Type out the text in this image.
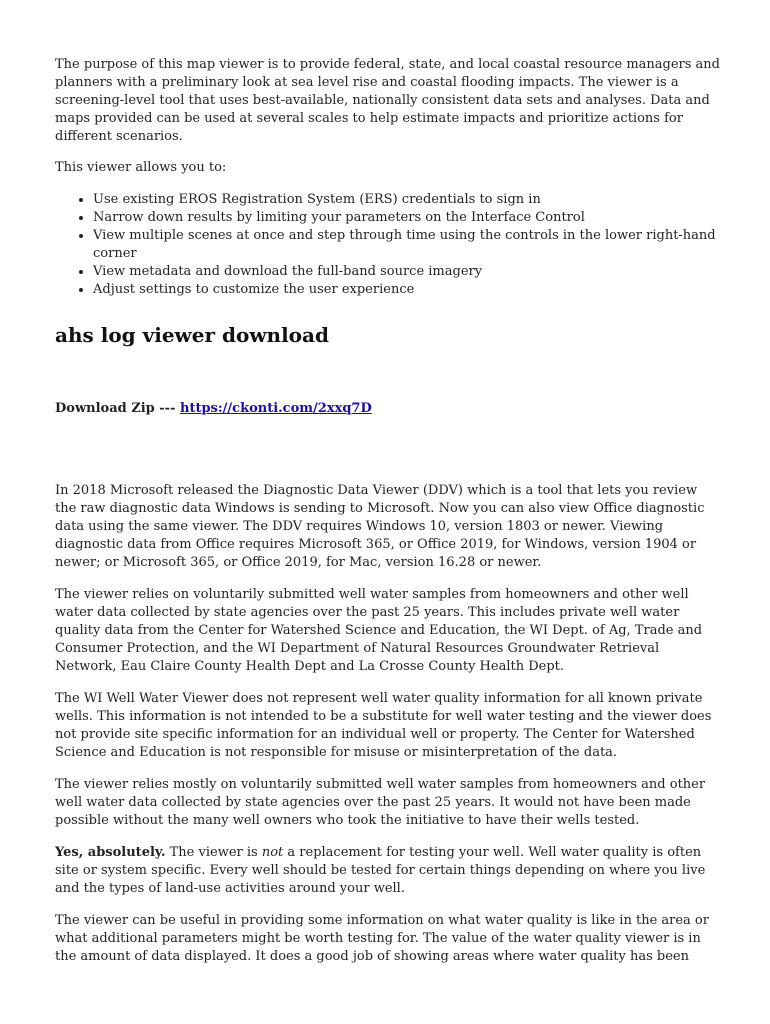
The purpose of this map viewer is to provide federal, state, and local coastal resource managers and planners with a preliminary look at sea level rise and coastal flooding impacts. The viewer is a screening-level tool that uses best-available, nationally consistent data sets and analyses. Data and maps provided can be used at several scales to help estimate impacts and prioritize actions for different scenarios.

This viewer allows you to:

• Use existing EROS Registration System (ERS) credentials to sign in
• Narrow down results by limiting your parameters on the Interface Control
• View multiple scenes at once and step through time using the controls in the lower right-hand corner
• View metadata and download the full-band source imagery
• Adjust settings to customize the user experience
ahs log viewer download
Download Zip --- https://ckonti.com/2xxq7D

In 2018 Microsoft released the Diagnostic Data Viewer (DDV) which is a tool that lets you review the raw diagnostic data Windows is sending to Microsoft. Now you can also view Office diagnostic data using the same viewer. The DDV requires Windows 10, version 1803 or newer. Viewing diagnostic data from Office requires Microsoft 365, or Office 2019, for Windows, version 1904 or newer; or Microsoft 365, or Office 2019, for Mac, version 16.28 or newer.

The viewer relies on voluntarily submitted well water samples from homeowners and other well water data collected by state agencies over the past 25 years. This includes private well water quality data from the Center for Watershed Science and Education, the WI Dept. of Ag, Trade and Consumer Protection, and the WI Department of Natural Resources Groundwater Retrieval Network, Eau Claire County Health Dept and La Crosse County Health Dept.

The WI Well Water Viewer does not represent well water quality information for all known private wells. This information is not intended to be a substitute for well water testing and the viewer does not provide site specific information for an individual well or property. The Center for Watershed Science and Education is not responsible for misuse or misinterpretation of the data.

The viewer relies mostly on voluntarily submitted well water samples from homeowners and other well water data collected by state agencies over the past 25 years. It would not have been made possible without the many well owners who took the initiative to have their wells tested.

Yes, absolutely. The viewer is not a replacement for testing your well. Well water quality is often site or system specific. Every well should be tested for certain things depending on where you live and the types of land-use activities around your well.

The viewer can be useful in providing some information on what water quality is like in the area or what additional parameters might be worth testing for. The value of the water quality viewer is in the amount of data displayed. It does a good job of showing areas where water quality has been
